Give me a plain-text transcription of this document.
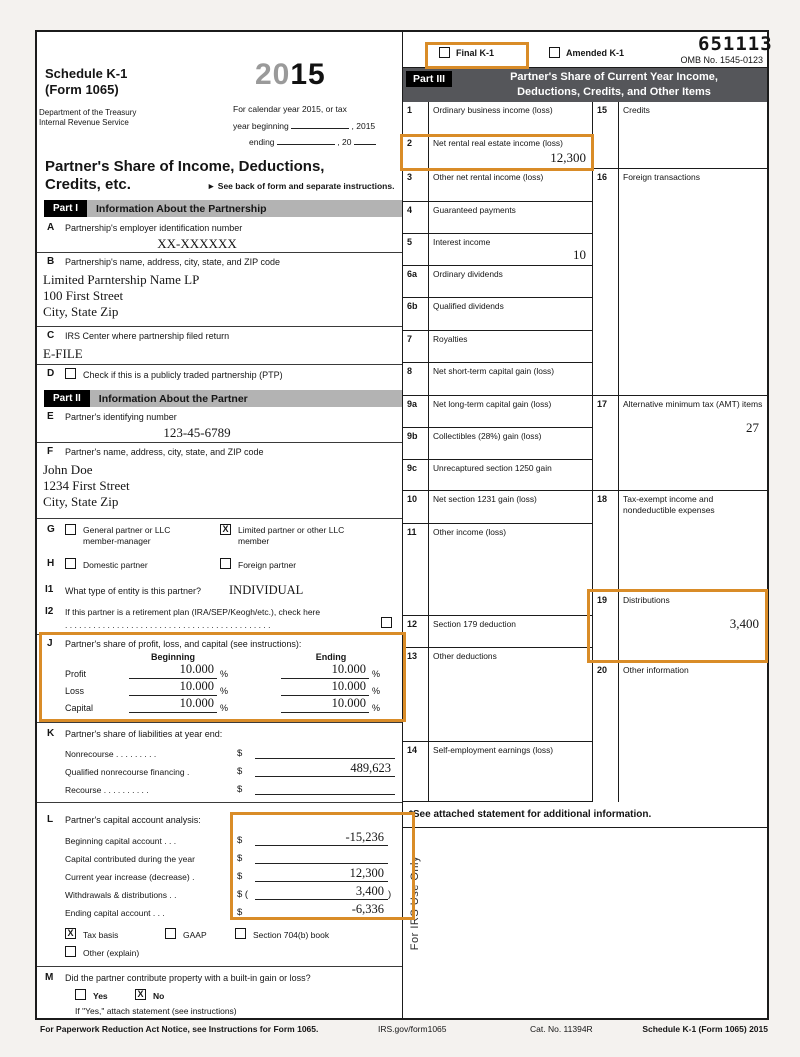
Schedule K-1
(Form 1065)	2015
Department of the Treasury
Internal Revenue Service
For calendar year 2015, or tax
year beginning	, 2015
ending	, 20
Partner's Share of Income, Deductions,
Credits, etc.	► See back of form and separate instructions.
Part I	Information About the Partnership
A Partnership's employer identification number
XX-XXXXXX
B Partnership's name, address, city, state, and ZIP code
Limited Parntership Name LP
100 First Street
City, State Zip
C IRS Center where partnership filed return
E-FILE
D	Check if this is a publicly traded partnership (PTP)
Part II	Information About the Partner
E Partner's identifying number
123-45-6789
F Partner's name, address, city, state, and ZIP code
John Doe
1234 First Street
City, State Zip
G	General partner or LLC
member-manager
X Limited partner or other LLC
member
H	Domestic partner	Foreign partner
I1 What type of entity is this partner? INDIVIDUAL
I2 If this partner is a retirement plan (IRA/SEP/Keogh/etc.), check here
. . . . . . . . . . . . . . . . . . . . . . . . . . . . . . . . . . . . . . . . . . . .
J Partner's share of profit, loss, and capital (see instructions):
Beginning	Ending
Profit	10.000 %	10.000 %
Loss	10.000 %	10.000 %
Capital	10.000 %	10.000 %
K Partner's share of liabilities at year end:
Nonrecourse . . . . . . . . .	$
Qualified nonrecourse financing .	$	489,623
Recourse . . . . . . . . . .	$
L Partner's capital account analysis:
Beginning capital account . . .	$	-15,236
Capital contributed during the year	$
Current year increase (decrease) .	$	12,300
Withdrawals & distributions . .	$ (	3,400 )
Ending capital account . . .	$	-6,336
X Tax basis	GAAP	Section 704(b) book
Other (explain)
M Did the partner contribute property with a built-in gain or loss?
Yes	X No
If "Yes," attach statement (see instructions)
651113
Final K-1	Amended K-1
OMB No. 1545-0123
Part III	Partner's Share of Current Year Income,
Deductions, Credits, and Other Items
1	Ordinary business income (loss)
2	Net rental real estate income (loss)
12,300
3	Other net rental income (loss)
4	Guaranteed payments
5	Interest income
10
6a	Ordinary dividends
6b	Qualified dividends
7	Royalties
8	Net short-term capital gain (loss)
9a	Net long-term capital gain (loss)
9b	Collectibles (28%) gain (loss)
9c	Unrecaptured section 1250 gain
10	Net section 1231 gain (loss)
11	Other income (loss)
12	Section 179 deduction
13	Other deductions
14	Self-employment earnings (loss)
15	Credits
16	Foreign transactions
17	Alternative minimum tax (AMT) items
27
18	Tax-exempt income and nondeductible expenses
19	Distributions
3,400
20	Other information
*See attached statement for additional information.
For IRS Use Only
For Paperwork Reduction Act Notice, see Instructions for Form 1065.	IRS.gov/form1065	Cat. No. 11394R	Schedule K-1 (Form 1065) 2015
